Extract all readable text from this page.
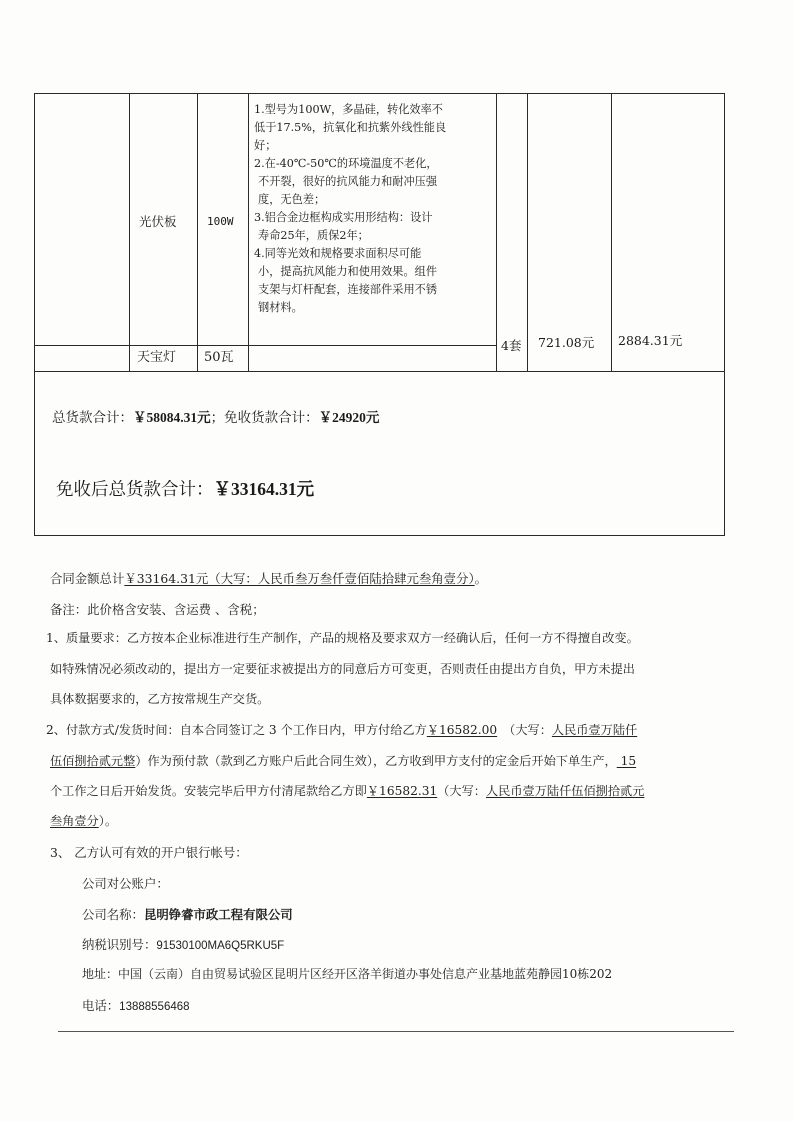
光伏板	100W
1.型号为100W，多晶硅，转化效率不
低于17.5%，抗氧化和抗紫外线性能良
好；
2.在-40℃-50℃的环境温度不老化，
不开裂，很好的抗风能力和耐冲压强
度，无色差；
3.铝合金边框构成实用形结构：设计
寿命25年，质保2年；
4.同等光效和规格要求面积尽可能
小，提高抗风能力和使用效果。组件
支架与灯杆配套，连接部件采用不锈
钢材料。
天宝灯 50瓦
4套 721.08元 2884.31元
总货款合计：￥58084.31元；免收货款合计：￥24920元
免收后总货款合计：￥33164.31元
合同金额总计￥33164.31元（大写：人民币叁万叁仟壹佰陆拾肆元叁角壹分）。
备注：此价格含安装、含运费 、含税；
1、质量要求：乙方按本企业标准进行生产制作，产品的规格及要求双方一经确认后，任何一方不得擅自改变。
如特殊情况必须改动的，提出方一定要征求被提出方的同意后方可变更，否则责任由提出方自负，甲方未提出
具体数据要求的，乙方按常规生产交货。
2、付款方式/发货时间：自本合同签订之 3 个工作日内，甲方付给乙方￥16582.00 （大写：人民币壹万陆仟
伍佰捌拾贰元整）作为预付款（款到乙方账户后此合同生效），乙方收到甲方支付的定金后开始下单生产， 15
个工作之日后开始发货。安装完毕后甲方付清尾款给乙方即￥16582.31（大写：人民币壹万陆仟伍佰捌拾贰元
叁角壹分）。
3、 乙方认可有效的开户银行帐号：
公司对公账户：
公司名称：昆明铮睿市政工程有限公司
纳税识别号：91530100MA6Q5RKU5F
地址：中国（云南）自由贸易试验区昆明片区经开区洛羊街道办事处信息产业基地蓝苑静园10栋202
电话：13888556468
